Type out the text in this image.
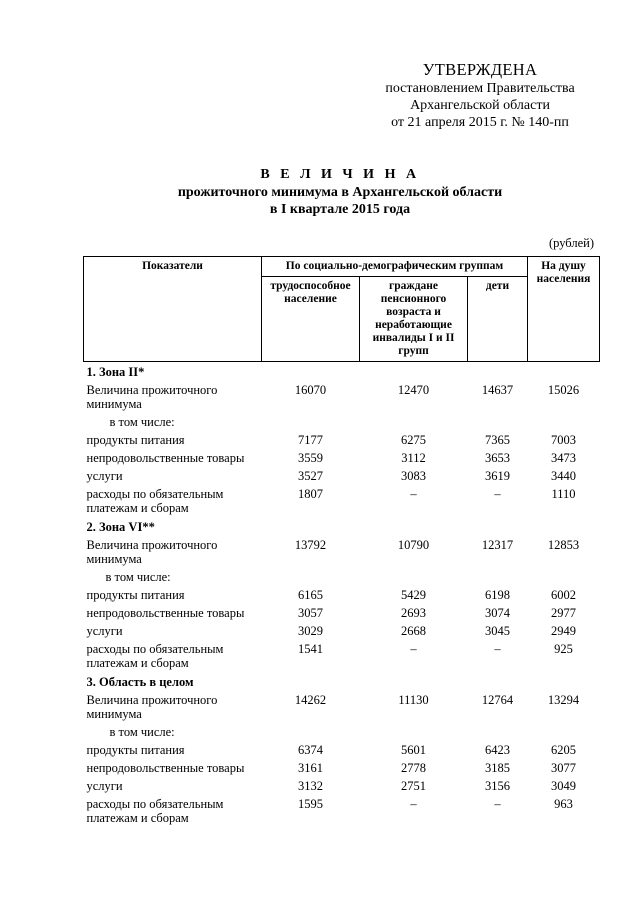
УТВЕРЖДЕНА
постановлением Правительства
Архангельской области
от 21 апреля 2015 г. № 140-пп
В Е Л И Ч И Н А
прожиточного минимума в Архангельской области
в I квартале 2015 года
(рублей)
Показатели	По социально-демографическим группам			На душу населения
	трудоспособное население	граждане пенсионного возраста и неработающие инвалиды I и II групп	дети	
1. Зона II*				
Величина прожиточного минимума	16070	12470	14637	15026
в том числе:				
продукты питания	7177	6275	7365	7003
непродовольственные товары	3559	3112	3653	3473
услуги	3527	3083	3619	3440
расходы по обязательным платежам и сборам	1807	–	–	1110
2. Зона VI**				
Величина прожиточного минимума	13792	10790	12317	12853
в том числе:				
продукты питания	6165	5429	6198	6002
непродовольственные товары	3057	2693	3074	2977
услуги	3029	2668	3045	2949
расходы по обязательным платежам и сборам	1541	–	–	925
3. Область в целом				
Величина прожиточного минимума	14262	11130	12764	13294
в том числе:				
продукты питания	6374	5601	6423	6205
непродовольственные товары	3161	2778	3185	3077
услуги	3132	2751	3156	3049
расходы по обязательным платежам и сборам	1595	–	–	963
